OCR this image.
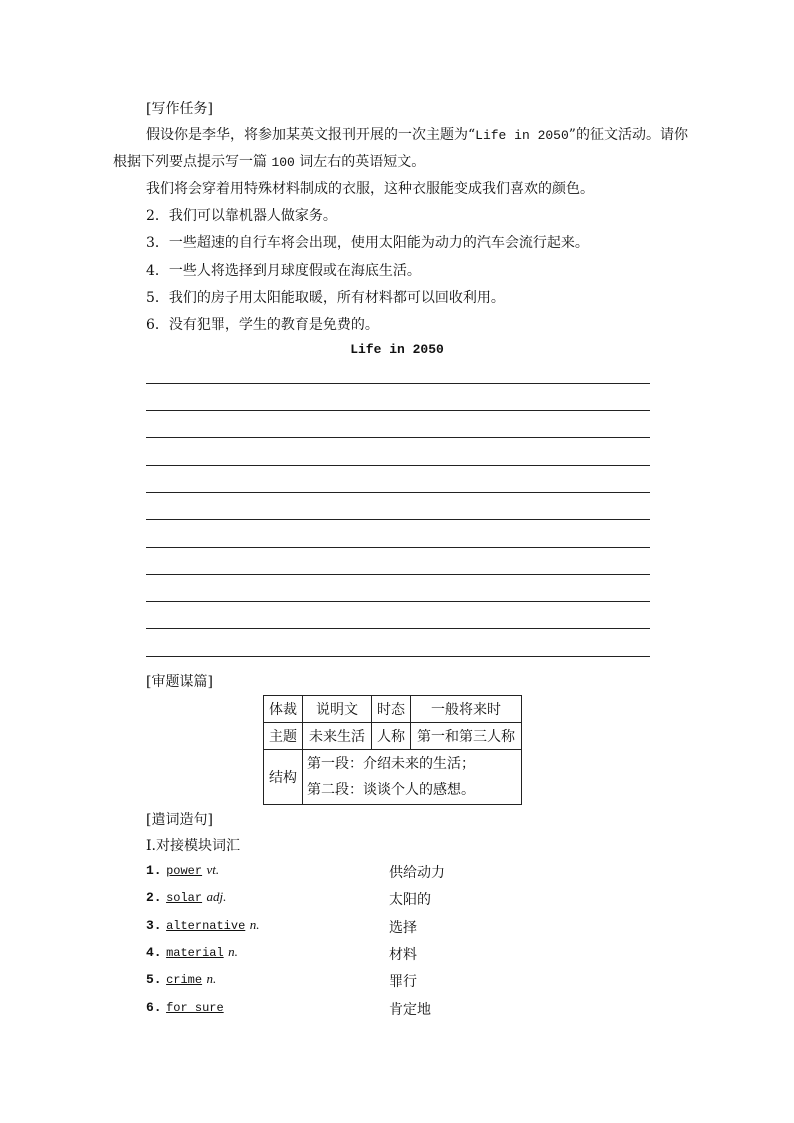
[写作任务]
假设你是李华，将参加某英文报刊开展的一次主题为“Life in 2050”的征文活动。请你
根据下列要点提示写一篇 100 词左右的英语短文。
我们将会穿着用特殊材料制成的衣服，这种衣服能变成我们喜欢的颜色。
2．我们可以靠机器人做家务。
3．一些超速的自行车将会出现，使用太阳能为动力的汽车会流行起来。
4．一些人将选择到月球度假或在海底生活。
5．我们的房子用太阳能取暖，所有材料都可以回收利用。
6．没有犯罪，学生的教育是免费的。
Life in 2050
[审题谋篇]
体裁	说明文	时态	一般将来时
主题	未来生活	人称	第一和第三人称
结构	第一段：介绍未来的生活；
第二段：谈谈个人的感想。		
[遣词造句]
Ⅰ.对接模块词汇
1. power vt.	供给动力
2. solar adj.	太阳的
3. alternative n.	选择
4. material n.	材料
5. crime n.	罪行
6. for sure	肯定地
